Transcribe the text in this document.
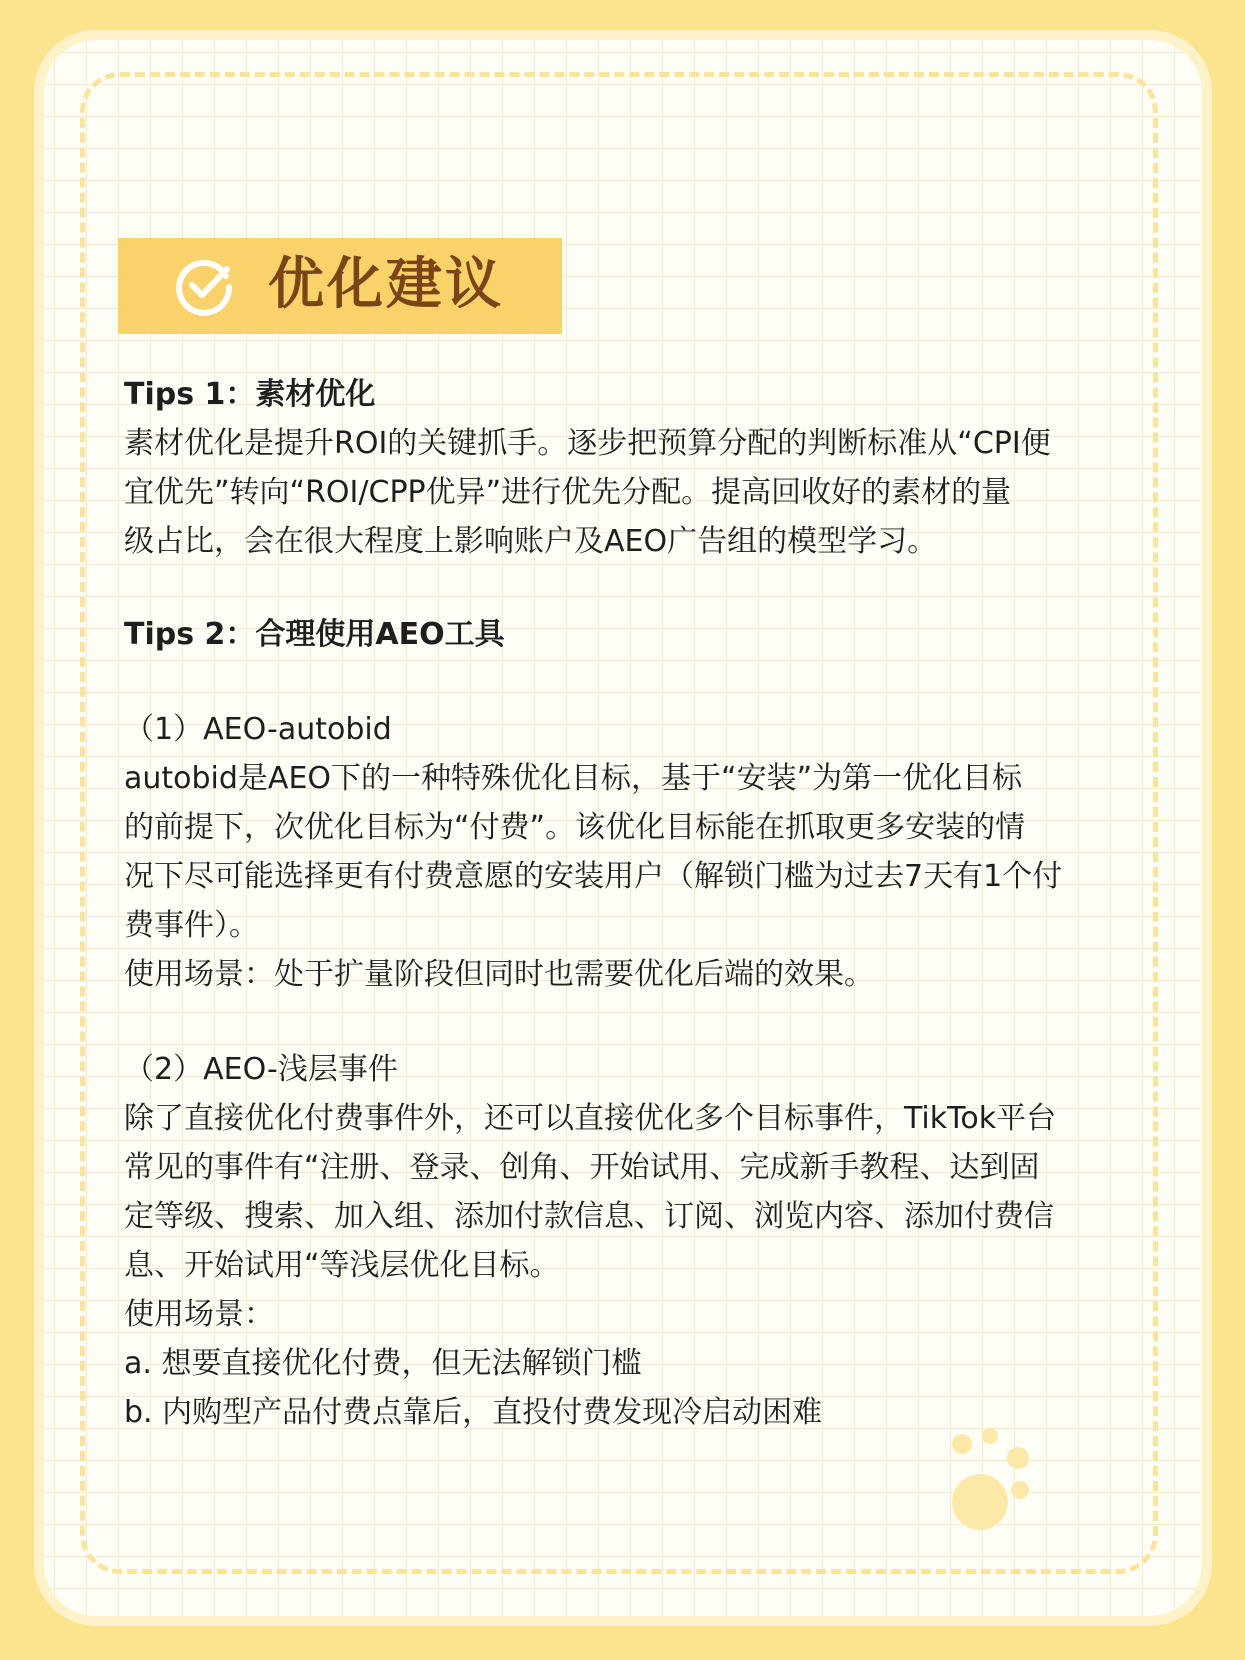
优化建议

Tips 1：素材优化

素材优化是提升ROI的关键抓手。逐步把预算分配的判断标准从“CPI便

宜优先”转向“ROI/CPP优异”进行优先分配。提高回收好的素材的量

级占比，会在很大程度上影响账户及AEO广告组的模型学习。

Tips 2：合理使用AEO工具

（1）AEO-autobid

autobid是AEO下的一种特殊优化目标，基于“安装”为第一优化目标

的前提下，次优化目标为“付费”。该优化目标能在抓取更多安装的情

况下尽可能选择更有付费意愿的安装用户（解锁门槛为过去7天有1个付

费事件）。

使用场景：处于扩量阶段但同时也需要优化后端的效果。

（2）AEO-浅层事件

除了直接优化付费事件外，还可以直接优化多个目标事件，TikTok平台

常见的事件有“注册、登录、创角、开始试用、完成新手教程、达到固

定等级、搜索、加入组、添加付款信息、订阅、浏览内容、添加付费信

息、开始试用“等浅层优化目标。

使用场景：

a. 想要直接优化付费，但无法解锁门槛

b. 内购型产品付费点靠后，直投付费发现冷启动困难
